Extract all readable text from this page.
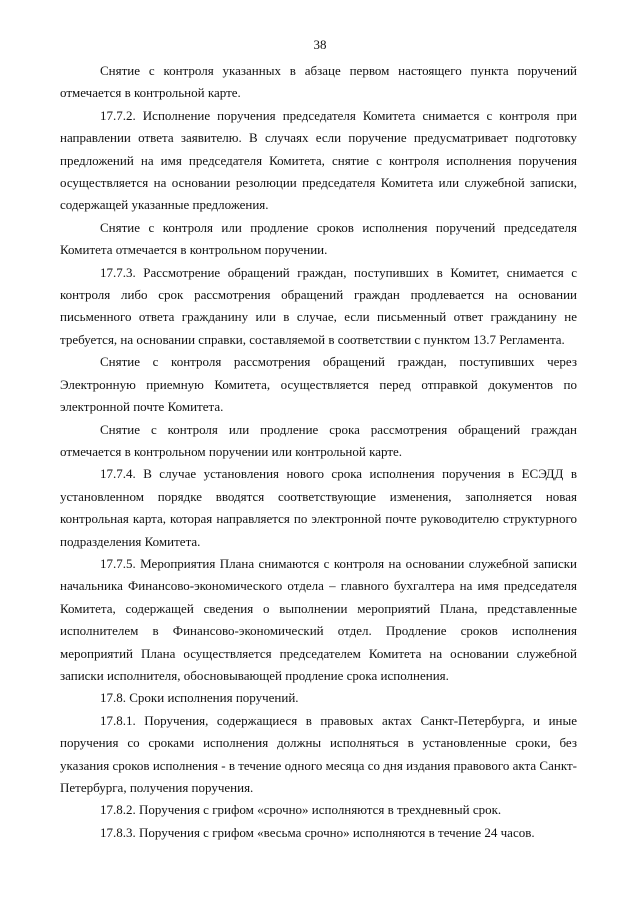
38

Снятие с контроля указанных в абзаце первом настоящего пункта поручений отмечается в контрольной карте.

17.7.2. Исполнение поручения председателя Комитета снимается с контроля при направлении ответа заявителю. В случаях если поручение предусматривает подготовку предложений на имя председателя Комитета, снятие с контроля исполнения поручения осуществляется на основании резолюции председателя Комитета или служебной записки, содержащей указанные предложения.

Снятие с контроля или продление сроков исполнения поручений председателя Комитета отмечается в контрольном поручении.

17.7.3. Рассмотрение обращений граждан, поступивших в Комитет, снимается с контроля либо срок рассмотрения обращений граждан продлевается на основании письменного ответа гражданину или в случае, если письменный ответ гражданину не требуется, на основании справки, составляемой в соответствии с пунктом 13.7 Регламента.

Снятие с контроля рассмотрения обращений граждан, поступивших через Электронную приемную Комитета, осуществляется перед отправкой документов по электронной почте Комитета.

Снятие с контроля или продление срока рассмотрения обращений граждан отмечается в контрольном поручении или контрольной карте.

17.7.4. В случае установления нового срока исполнения поручения в ЕСЭДД в установленном порядке вводятся соответствующие изменения, заполняется новая контрольная карта, которая направляется по электронной почте руководителю структурного подразделения Комитета.

17.7.5. Мероприятия Плана снимаются с контроля на основании служебной записки начальника Финансово-экономического отдела – главного бухгалтера на имя председателя Комитета, содержащей сведения о выполнении мероприятий Плана, представленные исполнителем в Финансово-экономический отдел. Продление сроков исполнения мероприятий Плана осуществляется председателем Комитета на основании служебной записки исполнителя, обосновывающей продление срока исполнения.

17.8. Сроки исполнения поручений.

17.8.1. Поручения, содержащиеся в правовых актах Санкт-Петербурга, и иные поручения со сроками исполнения должны исполняться в установленные сроки, без указания сроков исполнения - в течение одного месяца со дня издания правового акта Санкт-Петербурга, получения поручения.

17.8.2. Поручения с грифом «срочно» исполняются в трехдневный срок.

17.8.3. Поручения с грифом «весьма срочно» исполняются в течение 24 часов.
